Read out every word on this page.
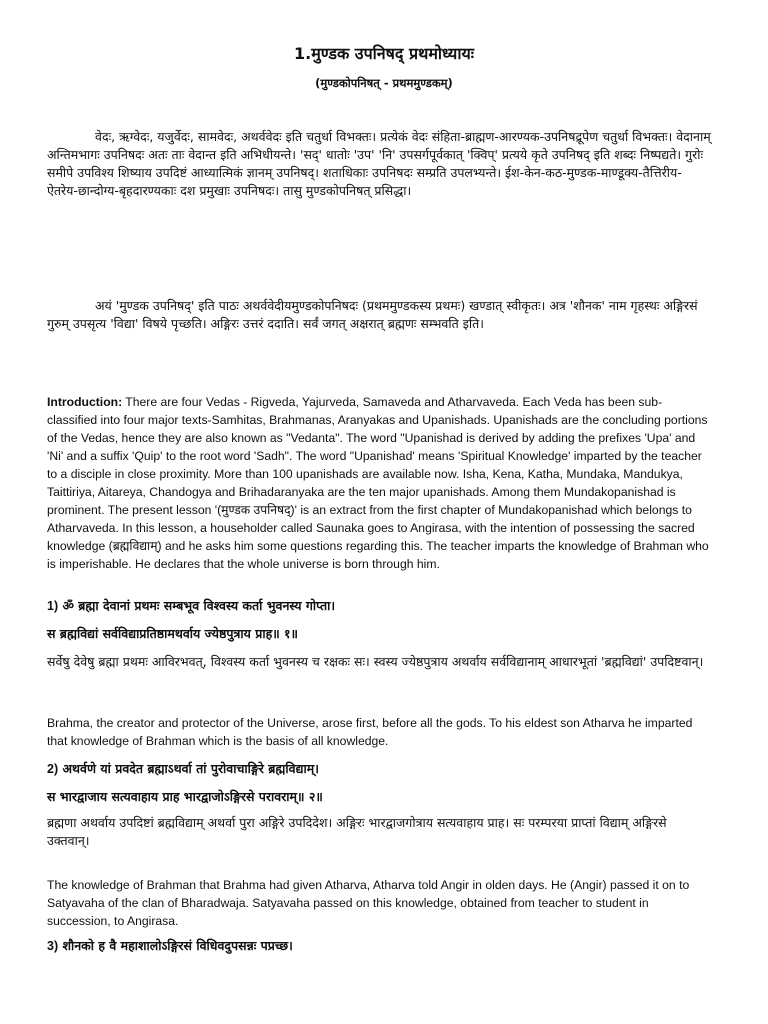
1.मुण्डक उपनिषद् प्रथमोध्यायः
(मुण्डकोपनिषत् - प्रथममुण्डकम्)

वेदः, ऋग्वेदः, यजुर्वेदः, सामवेदः, अथर्ववेदः इति चतुर्धा विभक्तः। प्रत्येकं वेदः संहिता-ब्राह्मण-आरण्यक-उपनिषद्रूपेण चतुर्धा विभक्तः। वेदानाम् अन्तिमभागः उपनिषदः अतः ताः वेदान्त इति अभिधीयन्ते। 'सद्' धातोः 'उप' 'नि' उपसर्गपूर्वकात् 'क्विप्' प्रत्यये कृते उपनिषद् इति शब्दः निष्पद्यते। गुरोः समीपे उपविश्य शिष्याय उपदिष्टं आध्यात्मिकं ज्ञानम् उपनिषद्। शताधिकाः उपनिषदः सम्प्रति उपलभ्यन्ते। ईश-केन-कठ-मुण्डक-माण्डूक्य-तैत्तिरीय-ऐतरेय-छान्दोग्य-बृहदारण्यकाः दश प्रमुखाः उपनिषदः। तासु मुण्डकोपनिषत् प्रसिद्धा।

अयं 'मुण्डक उपनिषद्' इति पाठः अथर्ववेदीयमुण्डकोपनिषदः (प्रथममुण्डकस्य प्रथमः) खण्डात् स्वीकृतः। अत्र 'शौनक' नाम गृहस्थः अङ्गिरसं गुरुम् उपसृत्य 'विद्या' विषये पृच्छति। अङ्गिरः उत्तरं ददाति। सर्वं जगत् अक्षरात् ब्रह्मणः सम्भवति इति।

Introduction: There are four Vedas - Rigveda, Yajurveda, Samaveda and Atharvaveda. Each Veda has been sub-classified into four major texts-Samhitas, Brahmanas, Aranyakas and Upanishads. Upanishads are the concluding portions of the Vedas, hence they are also known as "Vedanta". The word "Upanishad is derived by adding the prefixes 'Upa' and 'Ni' and a suffix 'Quip' to the root word 'Sadh". The word "Upanishad' means 'Spiritual Knowledge' imparted by the teacher to a disciple in close proximity. More than 100 upanishads are available now. Isha, Kena, Katha, Mundaka, Mandukya, Taittiriya, Aitareya, Chandogya and Brihadaranyaka are the ten major upanishads. Among them Mundakopanishad is prominent. The present lesson '(मुण्डक उपनिषद्)' is an extract from the first chapter of Mundakopanishad which belongs to Atharvaveda. In this lesson, a householder called Saunaka goes to Angirasa, with the intention of possessing the sacred knowledge (ब्रह्मविद्याम्) and he asks him some questions regarding this. The teacher imparts the knowledge of Brahman who is imperishable. He declares that the whole universe is born through him.

1) ॐ ब्रह्मा देवानां प्रथमः सम्बभूव विश्वस्य कर्ता भुवनस्य गोप्ता।

स ब्रह्मविद्यां सर्वविद्याप्रतिष्ठामथर्वाय ज्येष्ठपुत्राय प्राह॥ १॥

सर्वेषु देवेषु ब्रह्मा प्रथमः आविरभवत्, विश्वस्य कर्ता भुवनस्य च रक्षकः सः। स्वस्य ज्येष्ठपुत्राय अथर्वाय सर्वविद्यानाम् आधारभूतां 'ब्रह्मविद्यां' उपदिष्टवान्।

Brahma, the creator and protector of the Universe, arose first, before all the gods. To his eldest son Atharva he imparted that knowledge of Brahman which is the basis of all knowledge.

2) अथर्वणे यां प्रवदेत ब्रह्माऽथर्वा तां पुरोवाचाङ्गिरे ब्रह्मविद्याम्।

स भारद्वाजाय सत्यवाहाय प्राह भारद्वाजोऽङ्गिरसे परावराम्॥ २॥

ब्रह्मणा अथर्वाय उपदिष्टां ब्रह्मविद्याम् अथर्वा पुरा अङ्गिरे उपदिदेश। अङ्गिरः भारद्वाजगोत्राय सत्यवाहाय प्राह। सः परम्परया प्राप्तां विद्याम् अङ्गिरसे उक्तवान्।

The knowledge of Brahman that Brahma had given Atharva, Atharva told Angir in olden days. He (Angir) passed it on to Satyavaha of the clan of Bharadwaja. Satyavaha passed on this knowledge, obtained from teacher to student in succession, to Angirasa.

3) शौनको ह वै महाशालोऽङ्गिरसं विधिवदुपसन्नः पप्रच्छ।
